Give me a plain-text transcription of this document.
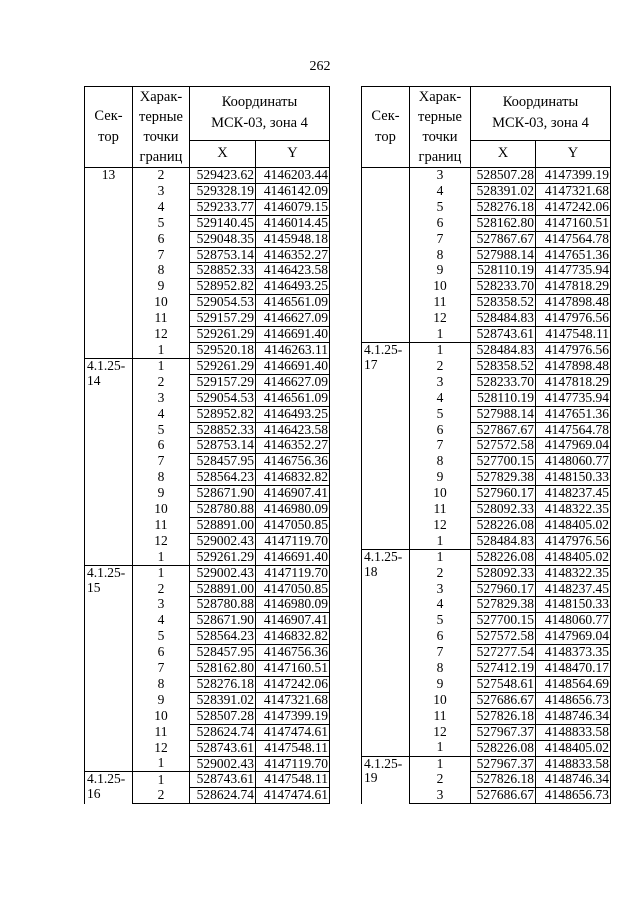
262
Сек-
тор	Харак-
терные
точки
границ	Координаты
МСК-03, зона 4	
		X	Y
13	2	529423.62	4146203.44
	3	529328.19	4146142.09
	4	529233.77	4146079.15
	5	529140.45	4146014.45
	6	529048.35	4145948.18
	7	528753.14	4146352.27
	8	528852.33	4146423.58
	9	528952.82	4146493.25
	10	529054.53	4146561.09
	11	529157.29	4146627.09
	12	529261.29	4146691.40
	1	529520.18	4146263.11
4.1.25-
14	1	529261.29	4146691.40
	2	529157.29	4146627.09
	3	529054.53	4146561.09
	4	528952.82	4146493.25
	5	528852.33	4146423.58
	6	528753.14	4146352.27
	7	528457.95	4146756.36
	8	528564.23	4146832.82
	9	528671.90	4146907.41
	10	528780.88	4146980.09
	11	528891.00	4147050.85
	12	529002.43	4147119.70
	1	529261.29	4146691.40
4.1.25-
15	1	529002.43	4147119.70
	2	528891.00	4147050.85
	3	528780.88	4146980.09
	4	528671.90	4146907.41
	5	528564.23	4146832.82
	6	528457.95	4146756.36
	7	528162.80	4147160.51
	8	528276.18	4147242.06
	9	528391.02	4147321.68
	10	528507.28	4147399.19
	11	528624.74	4147474.61
	12	528743.61	4147548.11
	1	529002.43	4147119.70
4.1.25-
16	1	528743.61	4147548.11
	2	528624.74	4147474.61
Сек-
тор	Харак-
терные
точки
границ	Координаты
МСК-03, зона 4	
		X	Y
	3	528507.28	4147399.19
	4	528391.02	4147321.68
	5	528276.18	4147242.06
	6	528162.80	4147160.51
	7	527867.67	4147564.78
	8	527988.14	4147651.36
	9	528110.19	4147735.94
	10	528233.70	4147818.29
	11	528358.52	4147898.48
	12	528484.83	4147976.56
	1	528743.61	4147548.11
4.1.25-
17	1	528484.83	4147976.56
	2	528358.52	4147898.48
	3	528233.70	4147818.29
	4	528110.19	4147735.94
	5	527988.14	4147651.36
	6	527867.67	4147564.78
	7	527572.58	4147969.04
	8	527700.15	4148060.77
	9	527829.38	4148150.33
	10	527960.17	4148237.45
	11	528092.33	4148322.35
	12	528226.08	4148405.02
	1	528484.83	4147976.56
4.1.25-
18	1	528226.08	4148405.02
	2	528092.33	4148322.35
	3	527960.17	4148237.45
	4	527829.38	4148150.33
	5	527700.15	4148060.77
	6	527572.58	4147969.04
	7	527277.54	4148373.35
	8	527412.19	4148470.17
	9	527548.61	4148564.69
	10	527686.67	4148656.73
	11	527826.18	4148746.34
	12	527967.37	4148833.58
	1	528226.08	4148405.02
4.1.25-
19	1	527967.37	4148833.58
	2	527826.18	4148746.34
	3	527686.67	4148656.73
